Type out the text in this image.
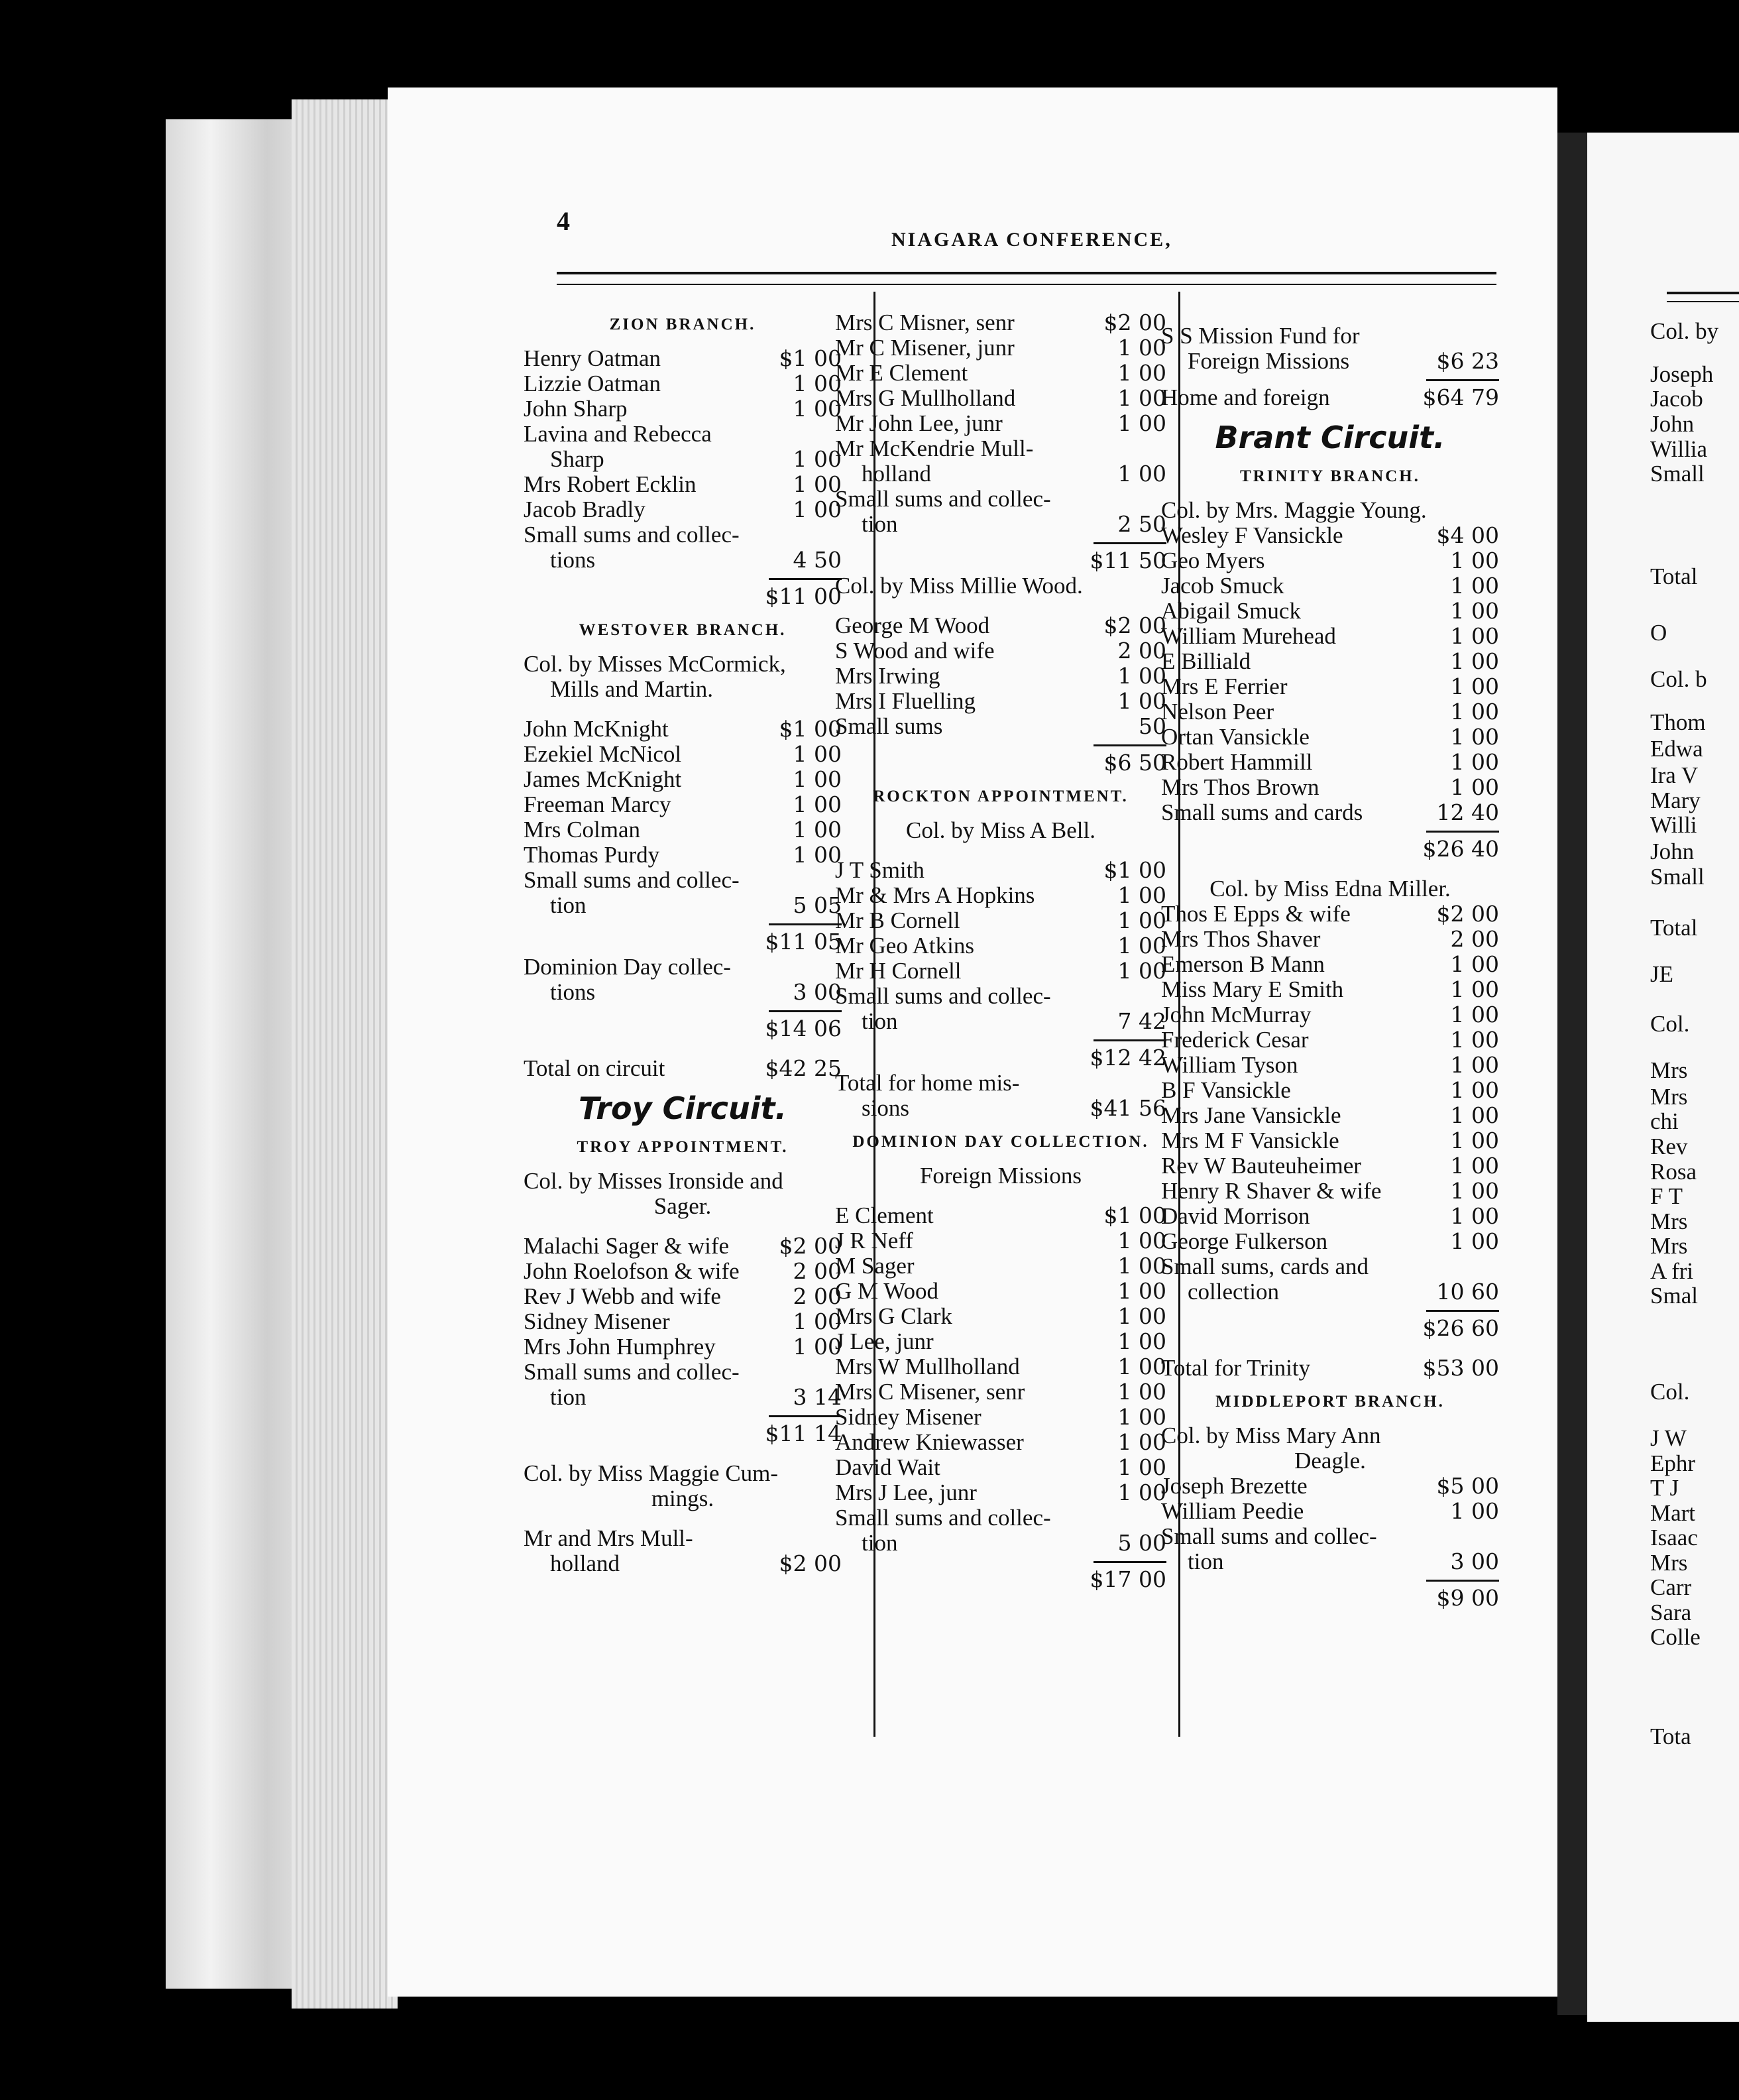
Col. by
Joseph
Jacob
John
Willia
Small
Total
O
Col. b
Thom
Edwa
Ira V
Mary
Willi
John
Small
Total
JE
Col.
Mrs
Mrs
chi
Rev
Rosa
F T
Mrs
Mrs
A fri
Smal
Col.
J W
Ephr
T J
Mart
Isaac
Mrs
Carr
Sara
Colle
Tota
4
NIAGARA CONFERENCE,
ZION BRANCH.
Henry Oatman	$1 00
Lizzie Oatman	1 00
John Sharp	1 00
Lavina and Rebecca
Sharp	1 00
Mrs Robert Ecklin	1 00
Jacob Bradly	1 00
Small sums and collec-
tions	4 50
$11 00
WESTOVER BRANCH.
Col. by Misses McCormick,
Mills and Martin.
John McKnight	$1 00
Ezekiel McNicol	1 00
James McKnight	1 00
Freeman Marcy	1 00
Mrs Colman	1 00
Thomas Purdy	1 00
Small sums and collec-
tion	5 05
$11 05
Dominion Day collec-
tions	3 00
$14 06
Total on circuit	$42 25
Troy Circuit.
TROY APPOINTMENT.
Col. by Misses Ironside and
Sager.
Malachi Sager & wife	$2 00
John Roelofson & wife	2 00
Rev J Webb and wife	2 00
Sidney Misener	1 00
Mrs John Humphrey	1 00
Small sums and collec-
tion	3 14
$11 14
Col. by Miss Maggie Cum-
mings.
Mr and Mrs Mull-
holland	$2 00
Mrs C Misner, senr	$2 00
Mr C Misener, junr	1 00
Mr E Clement	1 00
Mrs G Mullholland	1 00
Mr John Lee, junr	1 00
Mr McKendrie Mull-
holland	1 00
Small sums and collec-
tion	2 50
$11 50
Col. by Miss Millie Wood.
George M Wood	$2 00
S Wood and wife	2 00
Mrs Irwing	1 00
Mrs I Fluelling	1 00
Small sums	50
$6 50
ROCKTON APPOINTMENT.
Col. by Miss A Bell.
J T Smith	$1 00
Mr & Mrs A Hopkins	1 00
Mr B Cornell	1 00
Mr Geo Atkins	1 00
Mr H Cornell	1 00
Small sums and collec-
tion	7 42
$12 42
Total for home mis-
sions	$41 56
DOMINION DAY COLLECTION.
Foreign Missions
E Clement	$1 00
J R Neff	1 00
M Sager	1 00
G M Wood	1 00
Mrs G Clark	1 00
J Lee, junr	1 00
Mrs W Mullholland	1 00
Mrs C Misener, senr	1 00
Sidney Misener	1 00
Andrew Kniewasser	1 00
David Wait	1 00
Mrs J Lee, junr	1 00
Small sums and collec-
tion	5 00
$17 00
S S Mission Fund for
Foreign Missions	$6 23
Home and foreign	$64 79
Brant Circuit.
TRINITY BRANCH.
Col. by Mrs. Maggie Young.
Wesley F Vansickle	$4 00
Geo Myers	1 00
Jacob Smuck	1 00
Abigail Smuck	1 00
William Murehead	1 00
E Billiald	1 00
Mrs E Ferrier	1 00
Nelson Peer	1 00
Ortan Vansickle	1 00
Robert Hammill	1 00
Mrs Thos Brown	1 00
Small sums and cards	12 40
$26 40
Col. by Miss Edna Miller.
Thos E Epps & wife	$2 00
Mrs Thos Shaver	2 00
Emerson B Mann	1 00
Miss Mary E Smith	1 00
John McMurray	1 00
Frederick Cesar	1 00
William Tyson	1 00
B F Vansickle	1 00
Mrs Jane Vansickle	1 00
Mrs M F Vansickle	1 00
Rev W Bauteuheimer	1 00
Henry R Shaver & wife	1 00
David Morrison	1 00
George Fulkerson	1 00
Small sums, cards and
collection	10 60
$26 60
Total for Trinity	$53 00
MIDDLEPORT BRANCH.
Col. by Miss Mary Ann
Deagle.
Joseph Brezette	$5 00
William Peedie	1 00
Small sums and collec-
tion	3 00
$9 00
